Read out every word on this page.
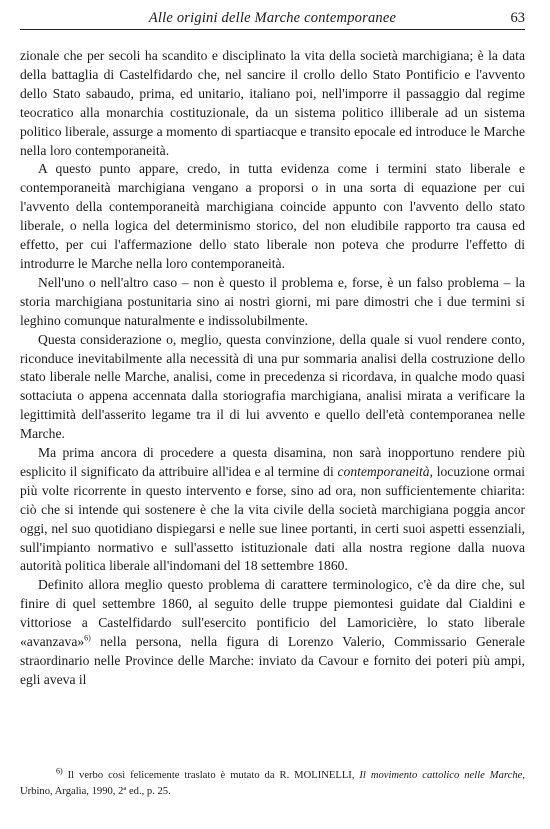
Alle origini delle Marche contemporanee	63

zionale che per secoli ha scandito e disciplinato la vita della società marchigiana; è la data della battaglia di Castelfidardo che, nel sancire il crollo dello Stato Pontificio e l'avvento dello Stato sabaudo, prima, ed unitario, italiano poi, nell'imporre il passaggio dal regime teocratico alla monarchia costituzionale, da un sistema politico illiberale ad un sistema politico liberale, assurge a momento di spartiacque e transito epocale ed introduce le Marche nella loro contemporaneità.

A questo punto appare, credo, in tutta evidenza come i termini stato liberale e contemporaneità marchigiana vengano a proporsi o in una sorta di equazione per cui l'avvento della contemporaneità marchigiana coincide appunto con l'avvento dello stato liberale, o nella logica del determinismo storico, del non eludibile rapporto tra causa ed effetto, per cui l'affermazione dello stato liberale non poteva che produrre l'effetto di introdurre le Marche nella loro contemporaneità.

Nell'uno o nell'altro caso – non è questo il problema e, forse, è un falso problema – la storia marchigiana postunitaria sino ai nostri giorni, mi pare dimostri che i due termini si leghino comunque naturalmente e indissolubilmente.

Questa considerazione o, meglio, questa convinzione, della quale si vuol rendere conto, riconduce inevitabilmente alla necessità di una pur sommaria analisi della costruzione dello stato liberale nelle Marche, analisi, come in precedenza si ricordava, in qualche modo quasi sottaciuta o appena accennata dalla storiografia marchigiana, analisi mirata a verificare la legittimità dell'asserito legame tra il di lui avvento e quello dell'età contemporanea nelle Marche.

Ma prima ancora di procedere a questa disamina, non sarà inopportuno rendere più esplicito il significato da attribuire all'idea e al termine di contemporaneità, locuzione ormai più volte ricorrente in questo intervento e forse, sino ad ora, non sufficientemente chiarita: ciò che si intende qui sostenere è che la vita civile della società marchigiana poggia ancor oggi, nel suo quotidiano dispiegarsi e nelle sue linee portanti, in certi suoi aspetti essenziali, sull'impianto normativo e sull'assetto istituzionale dati alla nostra regione dalla nuova autorità politica liberale all'indomani del 18 settembre 1860.

Definito allora meglio questo problema di carattere terminologico, c'è da dire che, sul finire di quel settembre 1860, al seguito delle truppe piemontesi guidate dal Cialdini e vittoriose a Castelfidardo sull'esercito pontificio del Lamoricière, lo stato liberale «avanzava»$^{6)}$ nella persona, nella figura di Lorenzo Valerio, Commissario Generale straordinario nelle Province delle Marche: inviato da Cavour e fornito dei poteri più ampi, egli aveva il

$^{6)}$ Il verbo così felicemente traslato è mutato da R. MOLINELLI, Il movimento cattolico nelle Marche, Urbino, Argalìa, 1990, 2ª ed., p. 25.
